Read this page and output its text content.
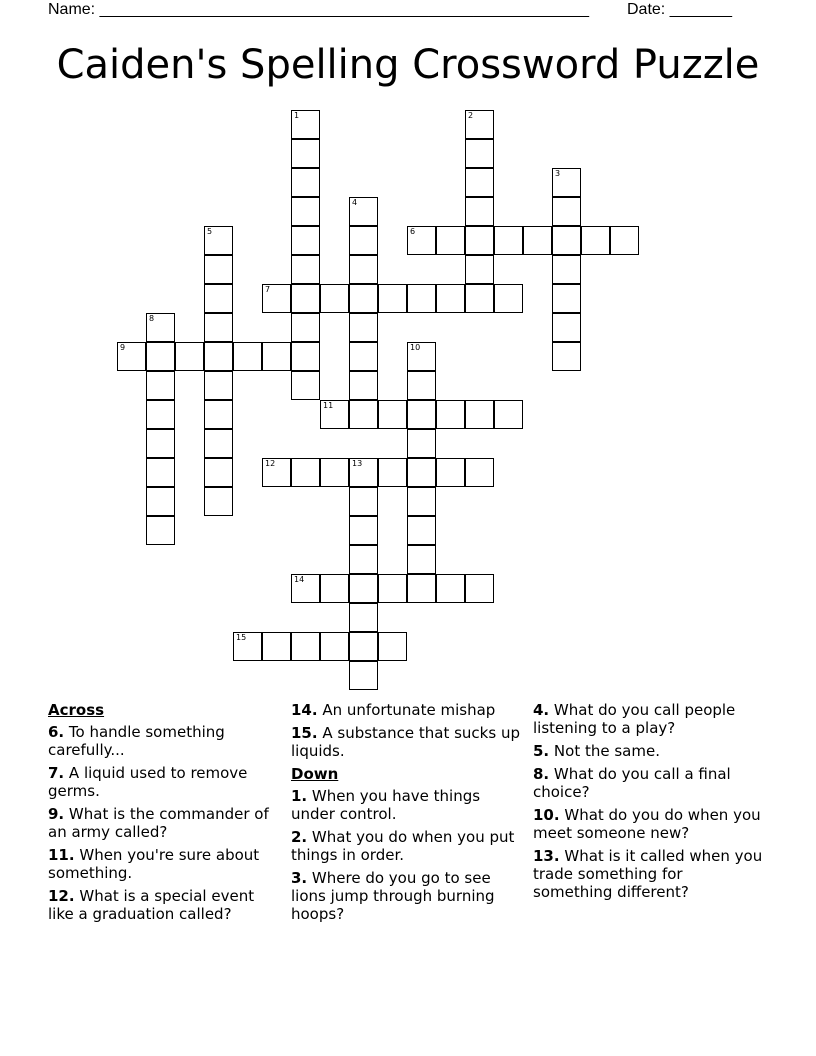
Name: _______________________________________________________ Date: _______
Caiden's Spelling Crossword Puzzle
1	2
3
4
5	6
7
8
9	10
11
12	13
14
15
Across
6. To handle something carefully...
7. A liquid used to remove germs.
9. What is the commander of an army called?
11. When you're sure about something.
12. What is a special event like a graduation called?
14. An unfortunate mishap
15. A substance that sucks up liquids.
Down
1. When you have things under control.
2. What you do when you put things in order.
3. Where do you go to see lions jump through burning hoops?
4. What do you call people listening to a play?
5. Not the same.
8. What do you call a final choice?
10. What do you do when you meet someone new?
13. What is it called when you trade something for something different?
